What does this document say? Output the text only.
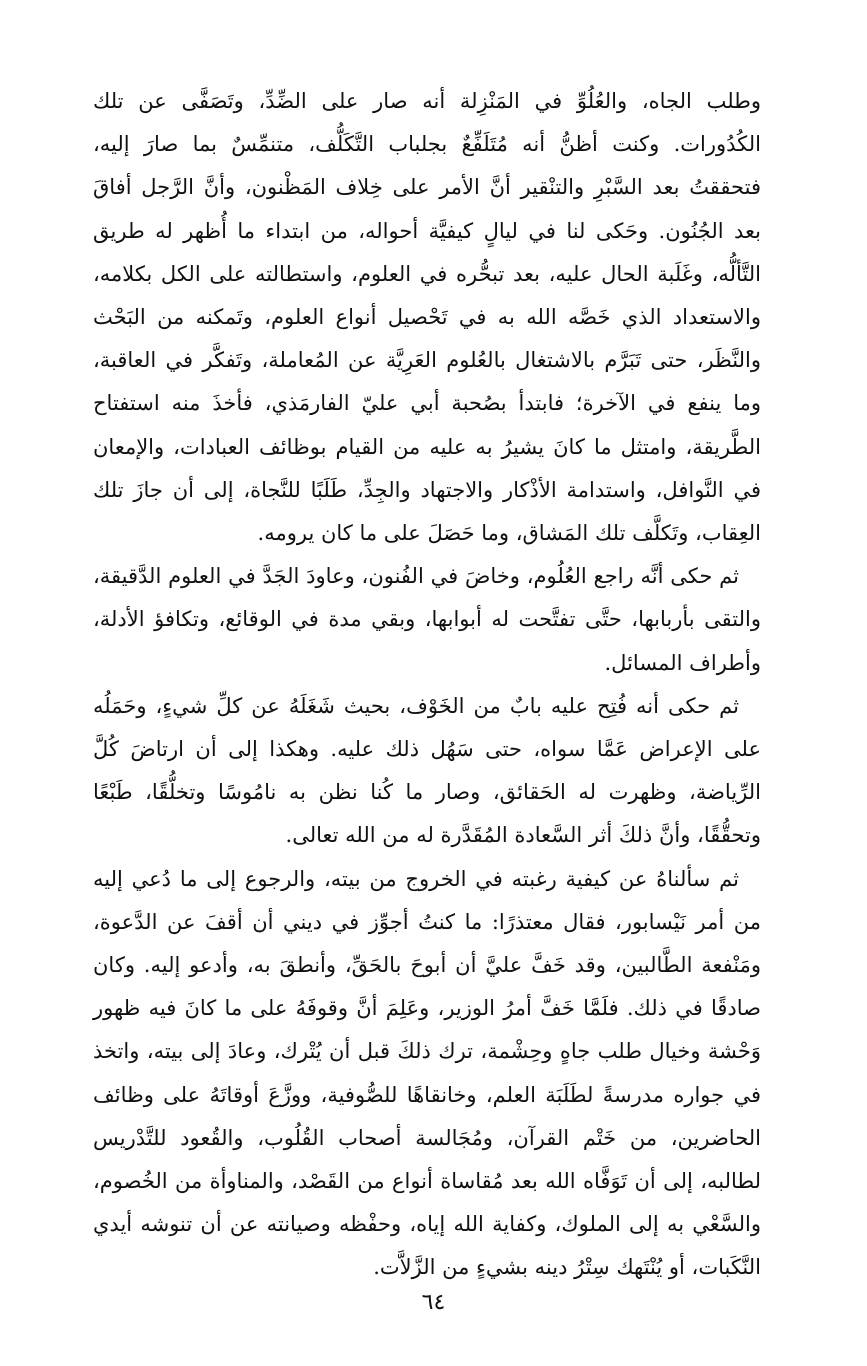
وطلب الجاه، والعُلُوِّ في المَنْزِلة أنه صار على الضِّدِّ، وتَصَفَّى عن تلك الكُدُورات. وكنت أظنُّ أنه مُتَلَفِّعٌ بجلباب التَّكَلُّف، متنمِّسٌ بما صارَ إليه، فتحققتُ بعد السَّبْرِ والتنْقير أنَّ الأمر على خِلاف المَظْنون، وأنَّ الرَّجل أفاقَ بعد الجُنُون. وحَكى لنا في ليالٍ كيفيَّة أحواله، من ابتداء ما أُظهر له طريق التَّألُّه، وغَلَبة الحال عليه، بعد تبحُّره في العلوم، واستطالته على الكل بكلامه، والاستعداد الذي خَصَّه الله به في تَحْصيل أنواع العلوم، وتَمكنه من البَحْث والنَّظَر، حتى تَبَرَّم بالاشتغال بالعُلوم العَرِيَّة عن المُعاملة، وتَفكَّر في العاقبة، وما ينفع في الآخرة؛ فابتدأ بصُحبة أبي عليّ الفارمَذي، فأخذَ منه استفتاح الطَّريقة، وامتثل ما كانَ يشيرُ به عليه من القيام بوظائف العبادات، والإمعان في النَّوافل، واستدامة الأذْكار والاجتهاد والجِدِّ، طَلَبًا للنَّجاة، إلى أن جازَ تلك العِقاب، وتَكلَّف تلك المَشاق، وما حَصَلَ على ما كان يرومه.

ثم حكى أنَّه راجع العُلُوم، وخاضَ في الفُنون، وعاودَ الجَدَّ في العلوم الدَّقيقة، والتقى بأربابها، حتَّى تفتَّحت له أبوابها، وبقي مدة في الوقائع، وتكافؤ الأدلة، وأطراف المسائل.

ثم حكى أنه فُتِح عليه بابٌ من الخَوْف، بحيث شَغَلَهُ عن كلِّ شيءٍ، وحَمَلُه على الإعراض عَمَّا سواه، حتى سَهُل ذلك عليه. وهكذا إلى أن ارتاضَ كُلَّ الرِّياضة، وظهرت له الحَقائق، وصار ما كُنا نظن به نامُوسًا وتخلُّقًا، طَبْعًا وتحقُّقًا، وأنَّ ذلكَ أثر السَّعادة المُقَدَّرة له من الله تعالى.

ثم سألناهُ عن كيفية رغبته في الخروج من بيته، والرجوع إلى ما دُعي إليه من أمر نَيْسابور، فقال معتذرًا: ما كنتُ أجوِّز في ديني أن أقفَ عن الدَّعوة، ومَنْفعة الطَّالبين، وقد خَفَّ عليَّ أن أبوحَ بالحَقِّ، وأنطقَ به، وأدعو إليه. وكان صادقًا في ذلك. فلَمَّا خَفَّ أمرُ الوزير، وعَلِمَ أنَّ وقوفَهُ على ما كانَ فيه ظهور وَحْشة وخيال طلب جاهٍ وحِشْمة، ترك ذلكَ قبل أن يُتْرك، وعادَ إلى بيته، واتخذ في جواره مدرسةً لطَلَبَة العلم، وخانقاهًا للصُّوفية، ووزَّعَ أوقاتَهُ على وظائف الحاضرين، من خَتْم القرآن، ومُجَالسة أصحاب القُلُوب، والقُعود للتَّدْريس لطالبه، إلى أن تَوَفَّاه الله بعد مُقاساة أنواع من القَصْد، والمناوأة من الخُصوم، والسَّعْي به إلى الملوك، وكفاية الله إياه، وحفْظه وصيانته عن أن تنوشه أيدي النَّكَبات، أو يُنْتَهك سِتْرُ دينه بشيءٍ من الزَّلاَّت.

٦٤
